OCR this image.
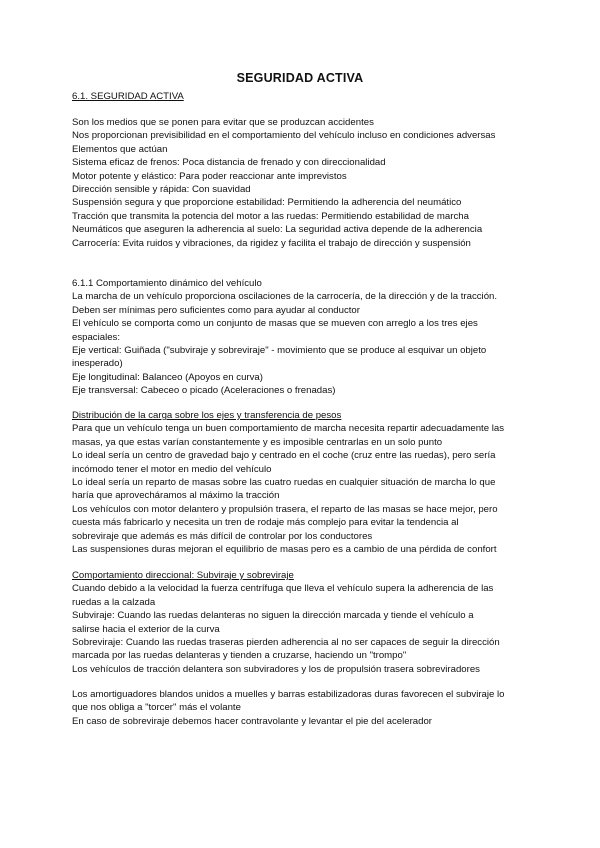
SEGURIDAD ACTIVA
6.1. SEGURIDAD ACTIVA
Son los medios que se ponen para evitar que se produzcan accidentes
Nos proporcionan previsibilidad en el comportamiento del vehículo incluso en condiciones adversas
Elementos que actúan
Sistema eficaz de frenos: Poca distancia de frenado y con direccionalidad
Motor potente y elástico: Para poder reaccionar ante imprevistos
Dirección sensible y rápida: Con suavidad
Suspensión segura y que proporcione estabilidad: Permitiendo la adherencia del neumático
Tracción que transmita la potencia del motor a las ruedas: Permitiendo estabilidad de marcha
Neumáticos que aseguren la adherencia al suelo: La seguridad activa depende de la adherencia
Carrocería: Evita ruidos y vibraciones, da rigidez y facilita el trabajo de dirección y suspensión
6.1.1 Comportamiento dinámico del vehículo
La marcha de un vehículo proporciona oscilaciones de la carrocería, de la dirección y de la tracción.
Deben ser mínimas pero suficientes como para ayudar al conductor
El vehículo se comporta como un conjunto de masas que se mueven con arreglo a los tres ejes
espaciales:
Eje vertical: Guiñada ("subviraje y sobreviraje" - movimiento que se produce al esquivar un objeto
inesperado)
Eje longitudinal: Balanceo (Apoyos en curva)
Eje transversal: Cabeceo o picado (Aceleraciones o frenadas)
Distribución de la carga sobre los ejes y transferencia de pesos
Para que un vehículo tenga un buen comportamiento de marcha necesita repartir adecuadamente las
masas, ya que estas varían constantemente y es imposible centrarlas en un solo punto
Lo ideal sería un centro de gravedad bajo y centrado en el coche (cruz entre las ruedas), pero sería
incómodo tener el motor en medio del vehículo
Lo ideal sería un reparto de masas sobre las cuatro ruedas en cualquier situación de marcha lo que
haría que aprovecháramos al máximo la tracción
Los vehículos con motor delantero y propulsión trasera, el reparto de las masas se hace mejor, pero
cuesta más fabricarlo y necesita un tren de rodaje más complejo para evitar la tendencia al
sobreviraje que además es más difícil de controlar por los conductores
Las suspensiones duras mejoran el equilibrio de masas pero es a cambio de una pérdida de confort
Comportamiento direccional: Subviraje y sobreviraje
Cuando debido a la velocidad la fuerza centrífuga que lleva el vehículo supera la adherencia de las
ruedas a la calzada
Subviraje: Cuando las ruedas delanteras no siguen la dirección marcada y tiende el vehículo a
salirse hacia el exterior de la curva
Sobreviraje: Cuando las ruedas traseras pierden adherencia al no ser capaces de seguir la dirección
marcada por las ruedas delanteras y tienden a cruzarse, haciendo un "trompo"
Los vehículos de tracción delantera son subviradores y los de propulsión trasera sobreviradores
Los amortiguadores blandos unidos a muelles y barras estabilizadoras duras favorecen el subviraje lo
que nos obliga a "torcer" más el volante
En caso de sobreviraje debemos hacer contravolante y levantar el pie del acelerador
